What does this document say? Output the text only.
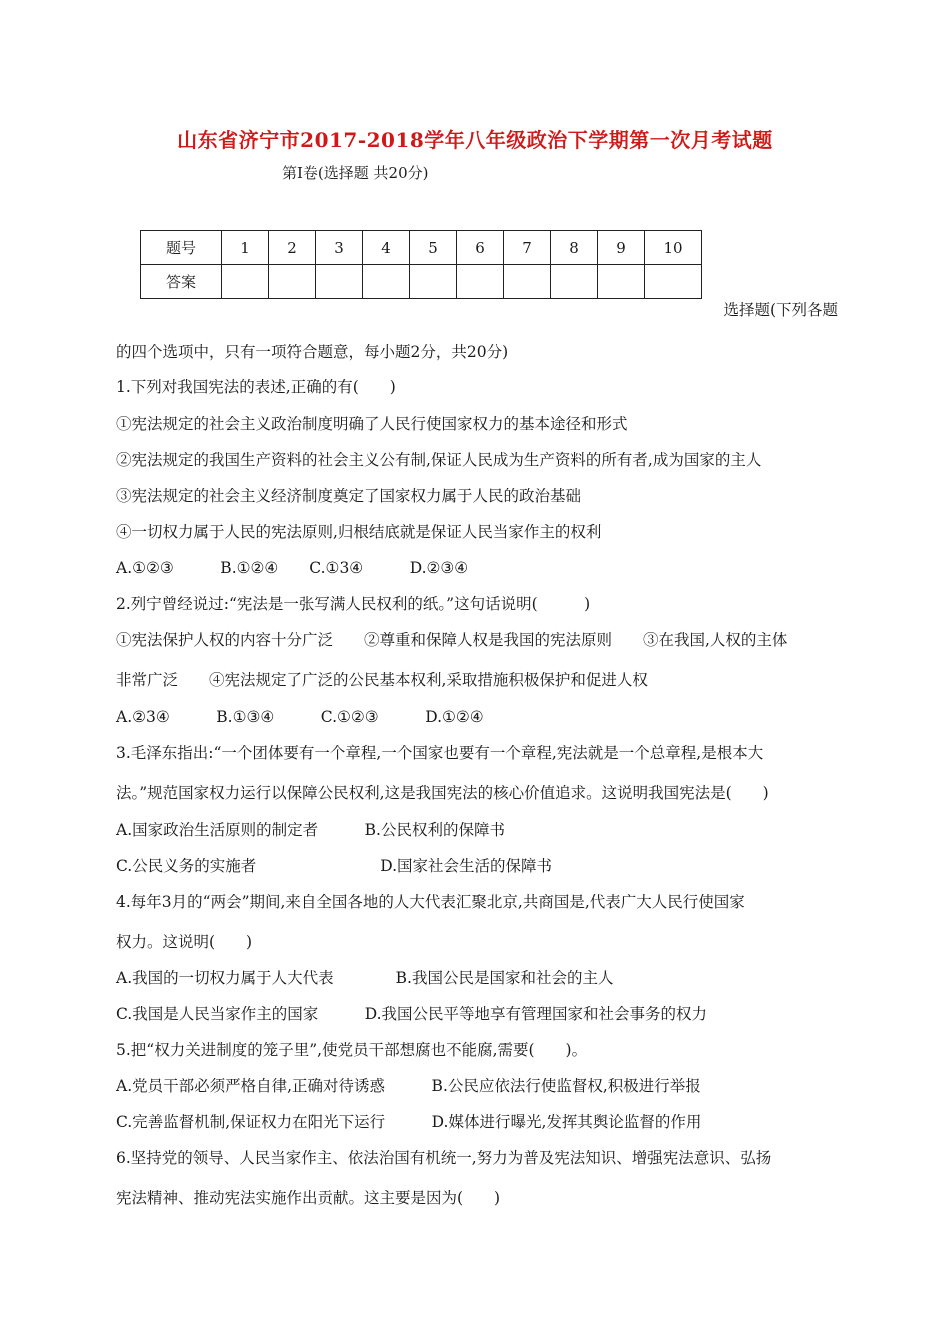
山东省济宁市2017-2018学年八年级政治下学期第一次月考试题
第Ⅰ卷(选择题 共20分)
题号	1	2	3	4	5	6	7	8	9	10
答案										
选择题(下列各题
的四个选项中，只有一项符合题意，每小题2分，共20分)
1.下列对我国宪法的表述,正确的有(　　)
①宪法规定的社会主义政治制度明确了人民行使国家权力的基本途径和形式
②宪法规定的我国生产资料的社会主义公有制,保证人民成为生产资料的所有者,成为国家的主人
③宪法规定的社会主义经济制度奠定了国家权力属于人民的政治基础
④一切权力属于人民的宪法原则,归根结底就是保证人民当家作主的权利
A.①②③　　　B.①②④　　C.①3④　　　D.②③④
2.列宁曾经说过:“宪法是一张写满人民权利的纸。”这句话说明(　　　)
①宪法保护人权的内容十分广泛　　②尊重和保障人权是我国的宪法原则　　③在我国,人权的主体
非常广泛　　④宪法规定了广泛的公民基本权利,采取措施积极保护和促进人权
A.②3④　　　B.①③④　　　C.①②③　　　D.①②④
3.毛泽东指出:“一个团体要有一个章程,一个国家也要有一个章程,宪法就是一个总章程,是根本大
法。”规范国家权力运行以保障公民权利,这是我国宪法的核心价值追求。这说明我国宪法是(　　)
A.国家政治生活原则的制定者　　　B.公民权利的保障书
C.公民义务的实施者　　　　　　　　D.国家社会生活的保障书
4.每年3月的“两会”期间,来自全国各地的人大代表汇聚北京,共商国是,代表广大人民行使国家
权力。这说明(　　)
A.我国的一切权力属于人大代表　　　　B.我国公民是国家和社会的主人
C.我国是人民当家作主的国家　　　D.我国公民平等地享有管理国家和社会事务的权力
5.把“权力关进制度的笼子里”,使党员干部想腐也不能腐,需要(　　)。
A.党员干部必须严格自律,正确对待诱惑　　　B.公民应依法行使监督权,积极进行举报
C.完善监督机制,保证权力在阳光下运行　　　D.媒体进行曝光,发挥其舆论监督的作用
6.坚持党的领导、人民当家作主、依法治国有机统一,努力为普及宪法知识、增强宪法意识、弘扬
宪法精神、推动宪法实施作出贡献。这主要是因为(　　)
